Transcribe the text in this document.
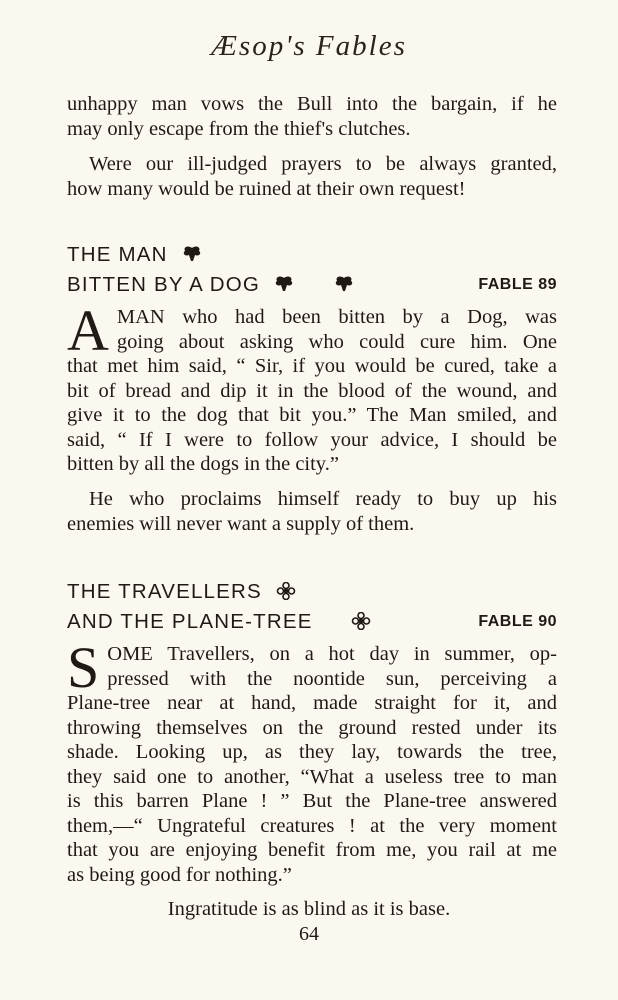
Æsop's Fables

unhappy man vows the Bull into the bargain, if he
may only escape from the thief's clutches.

Were our ill-judged prayers to be always granted,
how many would be ruined at their own request!

THE MAN
BITTEN BY A DOG	FABLE 89
A MAN who had been bitten by a Dog, was
going about asking who could cure him. One
that met him said, “ Sir, if you would be cured, take a
bit of bread and dip it in the blood of the wound, and
give it to the dog that bit you.” The Man smiled, and
said, “ If I were to follow your advice, I should be
bitten by all the dogs in the city.”
He who proclaims himself ready to buy up his
enemies will never want a supply of them.
THE TRAVELLERS
AND THE PLANE-TREE	FABLE 90
S OME Travellers, on a hot day in summer, op-
pressed with the noontide sun, perceiving a
Plane-tree near at hand, made straight for it, and
throwing themselves on the ground rested under its
shade. Looking up, as they lay, towards the tree,
they said one to another, “What a useless tree to man
is this barren Plane ! ” But the Plane-tree answered
them,—“ Ungrateful creatures ! at the very moment
that you are enjoying benefit from me, you rail at me
as being good for nothing.”
Ingratitude is as blind as it is base.
64
